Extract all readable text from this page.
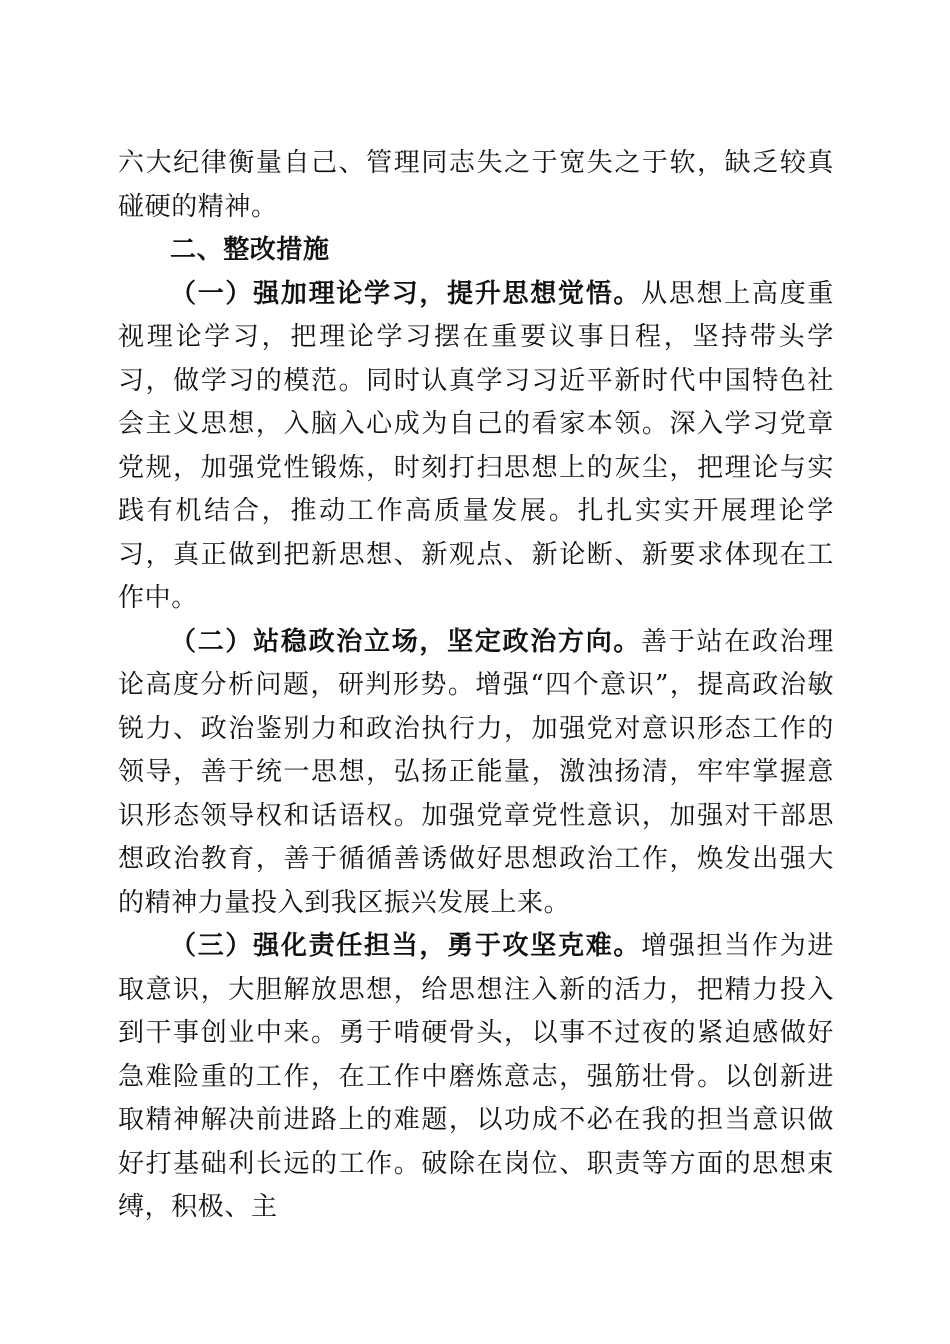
六大纪律衡量自己、管理同志失之于宽失之于软，缺乏较真碰硬的精神。

二、整改措施

（一）强加理论学习，提升思想觉悟。从思想上高度重视理论学习，把理论学习摆在重要议事日程，坚持带头学习，做学习的模范。同时认真学习习近平新时代中国特色社会主义思想，入脑入心成为自己的看家本领。深入学习党章党规，加强党性锻炼，时刻打扫思想上的灰尘，把理论与实践有机结合，推动工作高质量发展。扎扎实实开展理论学习，真正做到把新思想、新观点、新论断、新要求体现在工作中。

（二）站稳政治立场，坚定政治方向。善于站在政治理论高度分析问题，研判形势。增强“四个意识”，提高政治敏锐力、政治鉴别力和政治执行力，加强党对意识形态工作的领导，善于统一思想，弘扬正能量，激浊扬清，牢牢掌握意识形态领导权和话语权。加强党章党性意识，加强对干部思想政治教育，善于循循善诱做好思想政治工作，焕发出强大的精神力量投入到我区振兴发展上来。

（三）强化责任担当，勇于攻坚克难。增强担当作为进取意识，大胆解放思想，给思想注入新的活力，把精力投入到干事创业中来。勇于啃硬骨头，以事不过夜的紧迫感做好急难险重的工作，在工作中磨炼意志，强筋壮骨。以创新进取精神解决前进路上的难题，以功成不必在我的担当意识做好打基础利长远的工作。破除在岗位、职责等方面的思想束缚，积极、主
